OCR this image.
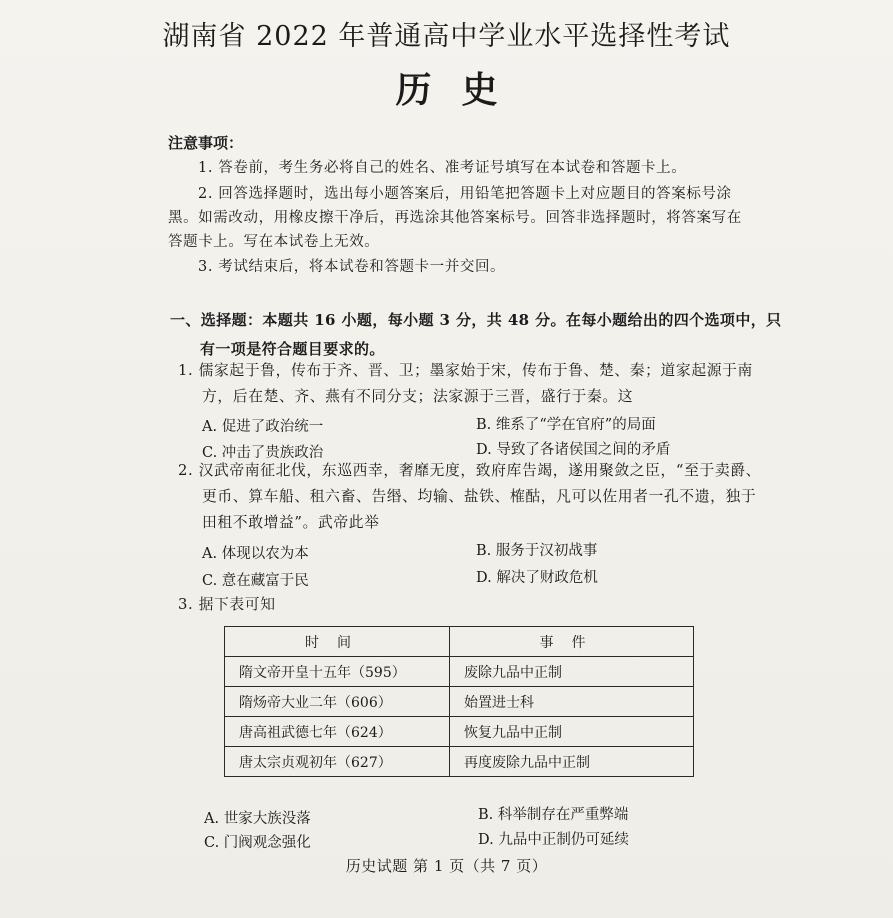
湖南省 2022 年普通高中学业水平选择性考试
历史
注意事项：
1. 答卷前，考生务必将自己的姓名、准考证号填写在本试卷和答题卡上。
2. 回答选择题时，选出每小题答案后，用铅笔把答题卡上对应题目的答案标号涂
黑。如需改动，用橡皮擦干净后，再选涂其他答案标号。回答非选择题时，将答案写在
答题卡上。写在本试卷上无效。
3. 考试结束后，将本试卷和答题卡一并交回。
一、选择题：本题共 16 小题，每小题 3 分，共 48 分。在每小题给出的四个选项中，只
有一项是符合题目要求的。
1. 儒家起于鲁，传布于齐、晋、卫；墨家始于宋，传布于鲁、楚、秦；道家起源于南
方，后在楚、齐、燕有不同分支；法家源于三晋，盛行于秦。这
A. 促进了政治统一	B. 维系了“学在官府”的局面
C. 冲击了贵族政治	D. 导致了各诸侯国之间的矛盾
2. 汉武帝南征北伐，东巡西幸，奢靡无度，致府库告竭，遂用聚敛之臣，“至于卖爵、
更币、算车船、租六畜、告缗、均输、盐铁、榷酤，凡可以佐用者一孔不遗，独于
田租不敢增益”。武帝此举
A. 体现以农为本	B. 服务于汉初战事
C. 意在藏富于民	D. 解决了财政危机
3. 据下表可知
时间	事件
隋文帝开皇十五年（595）	废除九品中正制
隋炀帝大业二年（606）	始置进士科
唐高祖武德七年（624）	恢复九品中正制
唐太宗贞观初年（627）	再度废除九品中正制
A. 世家大族没落	B. 科举制存在严重弊端
C. 门阀观念强化	D. 九品中正制仍可延续
历史试题 第 1 页（共 7 页）
